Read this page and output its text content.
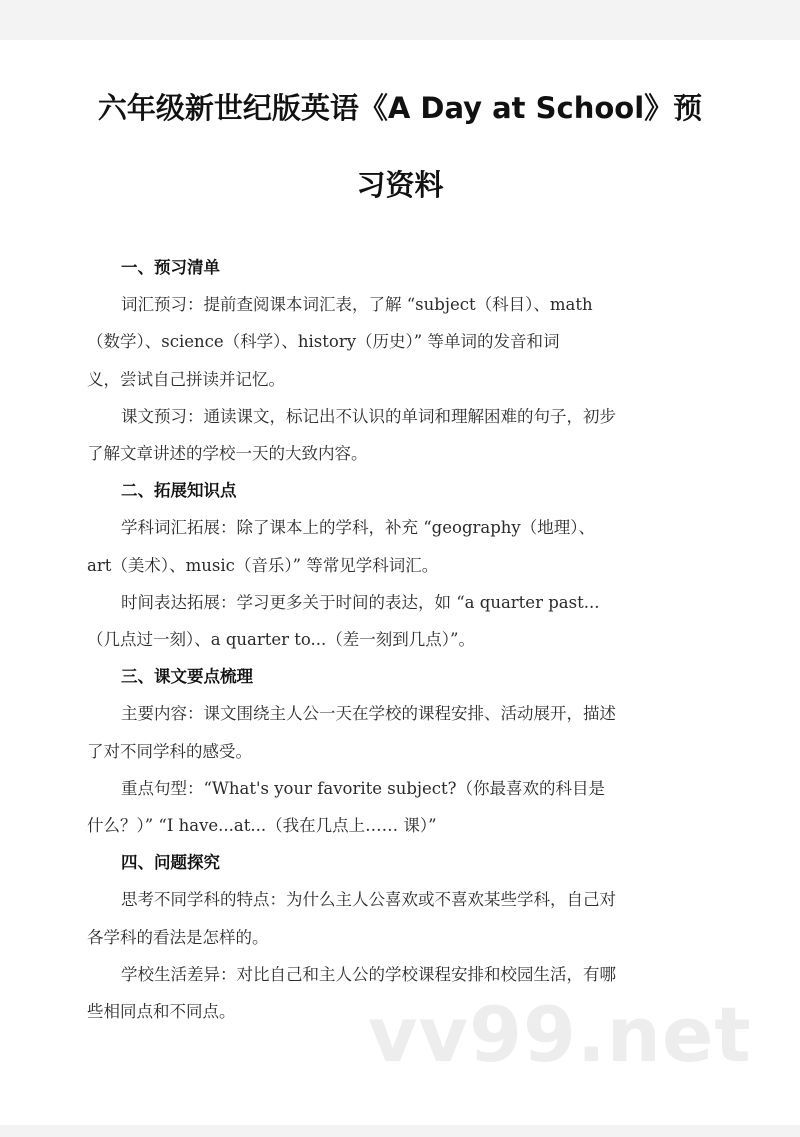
六年级新世纪版英语《A Day at School》预
习资料
一、预习清单
词汇预习：提前查阅课本词汇表，了解 “subject（科目）、math
（数学）、science（科学）、history（历史）” 等单词的发音和词
义，尝试自己拼读并记忆。
课文预习：通读课文，标记出不认识的单词和理解困难的句子，初步
了解文章讲述的学校一天的大致内容。
二、拓展知识点
学科词汇拓展：除了课本上的学科，补充 “geography（地理）、
art（美术）、music（音乐）” 等常见学科词汇。
时间表达拓展：学习更多关于时间的表达，如 “a quarter past...
（几点过一刻）、a quarter to...（差一刻到几点）”。
三、课文要点梳理
主要内容：课文围绕主人公一天在学校的课程安排、活动展开，描述
了对不同学科的感受。
重点句型：“What's your favorite subject?（你最喜欢的科目是
什么？）” “I have...at...（我在几点上…… 课）”
四、问题探究
思考不同学科的特点：为什么主人公喜欢或不喜欢某些学科，自己对
各学科的看法是怎样的。
学校生活差异：对比自己和主人公的学校课程安排和校园生活，有哪
些相同点和不同点。 vv99.net
